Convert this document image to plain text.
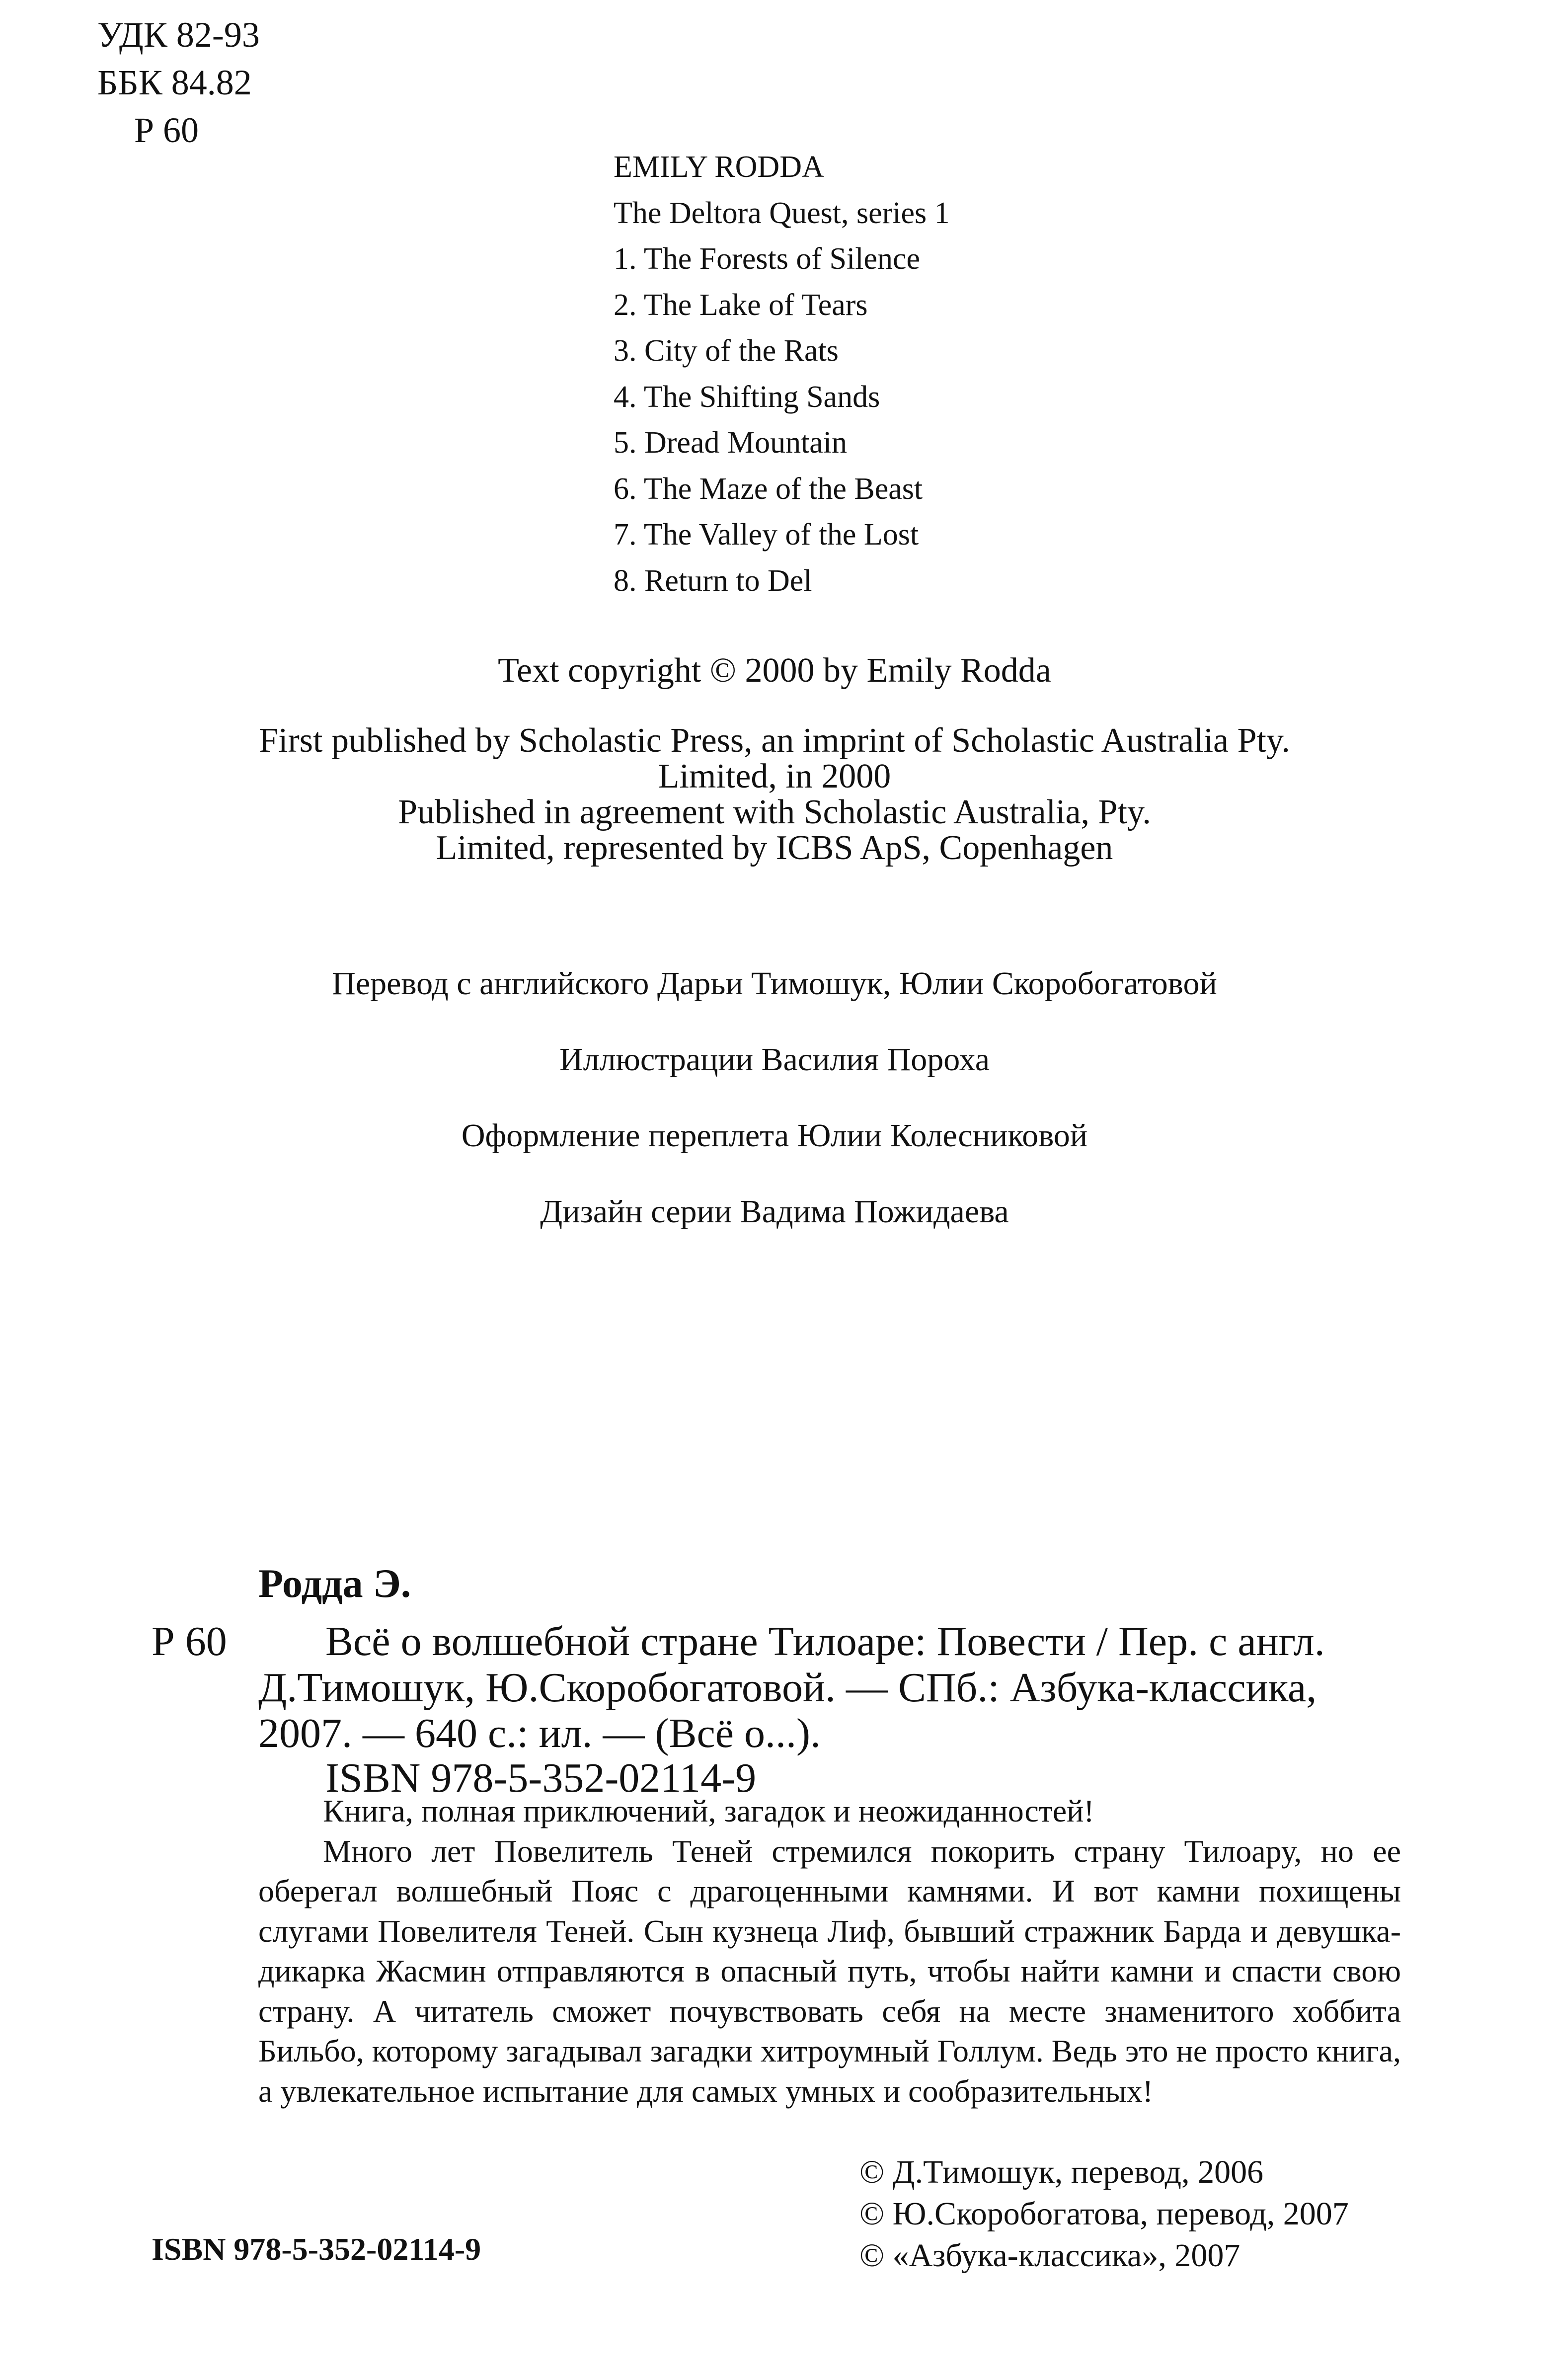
УДК 82-93
ББК 84.82
Р 60
EMILY RODDA
The Deltora Quest, series 1
1. The Forests of Silence
2. The Lake of Tears
3. City of the Rats
4. The Shifting Sands
5. Dread Mountain
6. The Maze of the Beast
7. The Valley of the Lost
8. Return to Del
Text copyright © 2000 by Emily Rodda
First published by Scholastic Press, an imprint of Scholastic Australia Pty.
Limited, in 2000
Published in agreement with Scholastic Australia, Pty.
Limited, represented by ICBS ApS, Copenhagen
Перевод с английского Дарьи Тимошук, Юлии Скоробогатовой
Иллюстрации Василия Пороха
Оформление переплета Юлии Колесниковой
Дизайн серии Вадима Пожидаева
Родда Э.
Р 60 Всё о волшебной стране Тилоаре: Повести / Пер. с англ.
Д.Тимошук, Ю.Скоробогатовой. — СПб.: Азбука-классика,
2007. — 640 с.: ил. — (Всё о...).
ISBN 978-5-352-02114-9

Книга, полная приключений, загадок и неожиданностей!

Много лет Повелитель Теней стремился покорить страну Тилоару, но ее оберегал волшебный Пояс с драгоценными камнями. И вот камни похищены слугами Повелителя Теней. Сын кузнеца Лиф, бывший стражник Барда и девушка-дикарка Жасмин отправляются в опасный путь, чтобы найти камни и спасти свою страну. А читатель сможет почувствовать себя на месте знаменитого хоббита Бильбо, которому загадывал загадки хитроумный Голлум. Ведь это не просто книга, а увлекательное испытание для самых умных и сообразительных!

© Д.Тимошук, перевод, 2006
© Ю.Скоробогатова, перевод, 2007
© «Азбука-классика», 2007
ISBN 978-5-352-02114-9
